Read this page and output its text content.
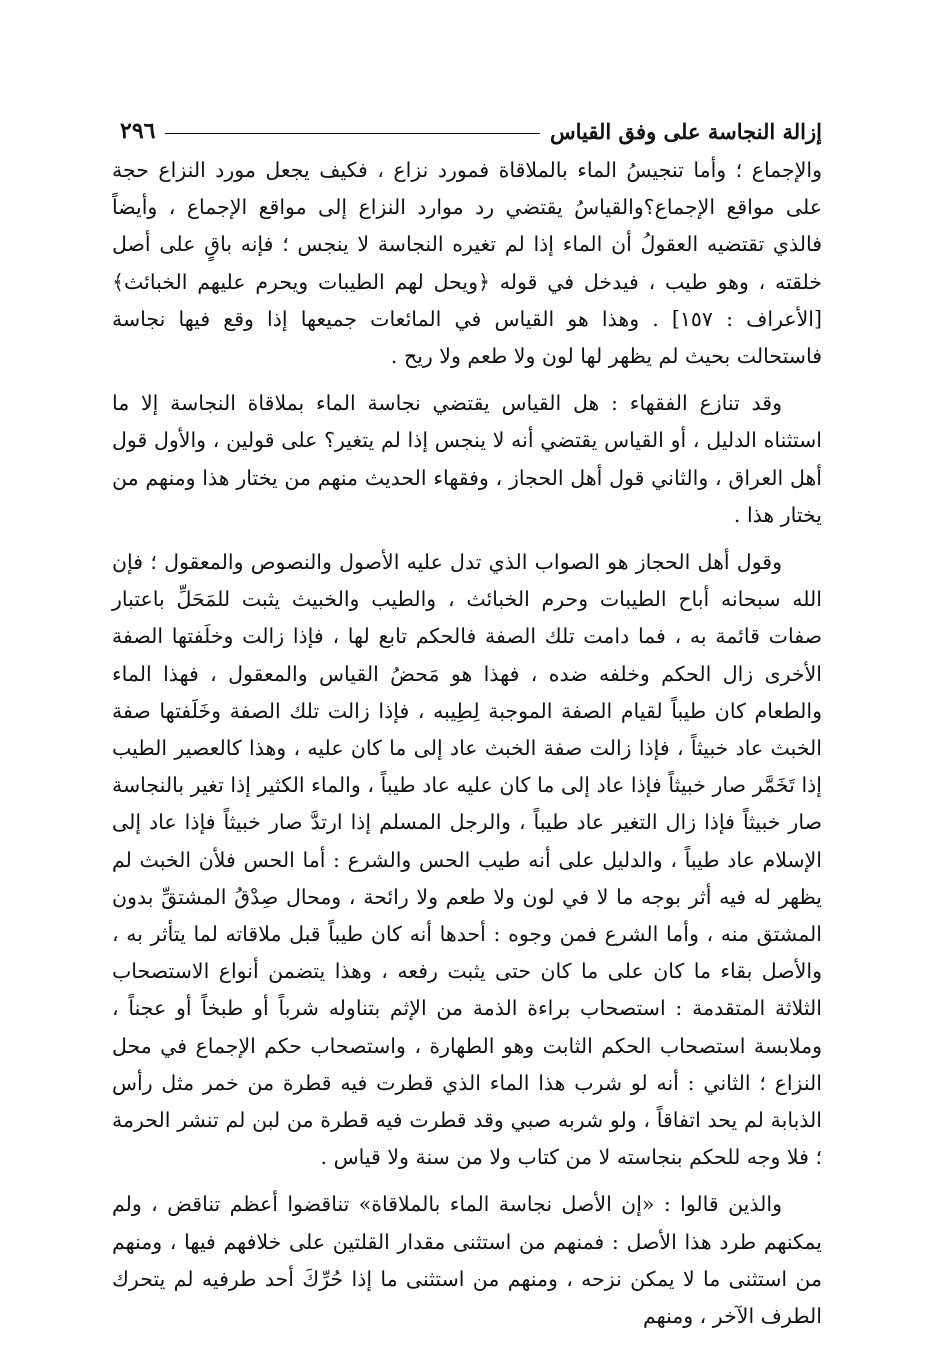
٢٩٦	إزالة النجاسة على وفق القياس

والإجماع ؛ وأما تنجيسُ الماء بالملاقاة فمورد نزاع ، فكيف يجعل مورد النزاع حجة على مواقع الإجماع؟والقياسُ يقتضي رد موارد النزاع إلى مواقع الإجماع ، وأيضاً فالذي تقتضيه العقولُ أن الماء إذا لم تغيره النجاسة لا ينجس ؛ فإنه باقٍ على أصل خلقته ، وهو طيب ، فيدخل في قوله ﴿ويحل لهم الطيبات ويحرم عليهم الخبائث﴾ [الأعراف : ١٥٧] . وهذا هو القياس في المائعات جميعها إذا وقع فيها نجاسة فاستحالت بحيث لم يظهر لها لون ولا طعم ولا ريح .

وقد تنازع الفقهاء : هل القياس يقتضي نجاسة الماء بملاقاة النجاسة إلا ما استثناه الدليل ، أو القياس يقتضي أنه لا ينجس إذا لم يتغير؟ على قولين ، والأول قول أهل العراق ، والثاني قول أهل الحجاز ، وفقهاء الحديث منهم من يختار هذا ومنهم من يختار هذا .

وقول أهل الحجاز هو الصواب الذي تدل عليه الأصول والنصوص والمعقول ؛ فإن الله سبحانه أباح الطيبات وحرم الخبائث ، والطيب والخبيث يثبت للمَحَلِّ باعتبار صفات قائمة به ، فما دامت تلك الصفة فالحكم تابع لها ، فإذا زالت وخلَفتها الصفة الأخرى زال الحكم وخلفه ضده ، فهذا هو مَحضُ القياس والمعقول ، فهذا الماء والطعام كان طيباً لقيام الصفة الموجبة لِطِيبه ، فإذا زالت تلك الصفة وخَلَفتها صفة الخبث عاد خبيثاً ، فإذا زالت صفة الخبث عاد إلى ما كان عليه ، وهذا كالعصير الطيب إذا تَخَمَّر صار خبيثاً فإذا عاد إلى ما كان عليه عاد طيباً ، والماء الكثير إذا تغير بالنجاسة صار خبيثاً فإذا زال التغير عاد طيباً ، والرجل المسلم إذا ارتدَّ صار خبيثاً فإذا عاد إلى الإسلام عاد طيباً ، والدليل على أنه طيب الحس والشرع : أما الحس فلأن الخبث لم يظهر له فيه أثر بوجه ما لا في لون ولا طعم ولا رائحة ، ومحال صِدْقُ المشتقِّ بدون المشتق منه ، وأما الشرع فمن وجوه : أحدها أنه كان طيباً قبل ملاقاته لما يتأثر به ، والأصل بقاء ما كان على ما كان حتى يثبت رفعه ، وهذا يتضمن أنواع الاستصحاب الثلاثة المتقدمة : استصحاب براءة الذمة من الإثم بتناوله شرباً أو طبخاً أو عجناً ، وملابسة استصحاب الحكم الثابت وهو الطهارة ، واستصحاب حكم الإجماع في محل النزاع ؛ الثاني : أنه لو شرب هذا الماء الذي قطرت فيه قطرة من خمر مثل رأس الذبابة لم يحد اتفاقاً ، ولو شربه صبي وقد قطرت فيه قطرة من لبن لم تنشر الحرمة ؛ فلا وجه للحكم بنجاسته لا من كتاب ولا من سنة ولا قياس .

والذين قالوا : «إن الأصل نجاسة الماء بالملاقاة» تناقضوا أعظم تناقض ، ولم يمكنهم طرد هذا الأصل : فمنهم من استثنى مقدار القلتين على خلافهم فيها ، ومنهم من استثنى ما لا يمكن نزحه ، ومنهم من استثنى ما إذا حُرِّكَ أحد طرفيه لم يتحرك الطرف الآخر ، ومنهم
